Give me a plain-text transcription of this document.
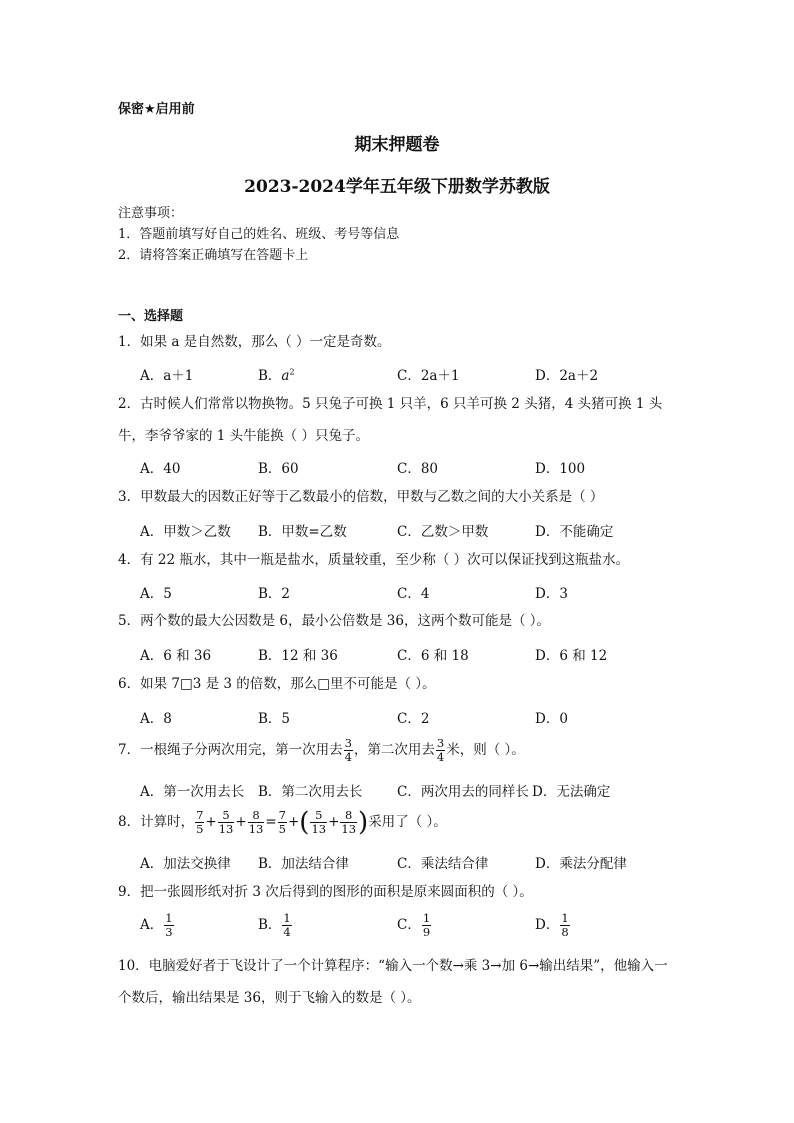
保密★启用前
期末押题卷
2023-2024学年五年级下册数学苏教版
注意事项：
1．答题前填写好自己的姓名、班级、考号等信息
2．请将答案正确填写在答题卡上
一、选择题
1．如果 a 是自然数，那么（ ）一定是奇数。
A．a＋1	B．$a^2$	C．2a＋1	D．2a＋2
2．古时候人们常常以物换物。5 只兔子可换 1 只羊，6 只羊可换 2 头猪，4 头猪可换 1 头牛，李爷爷家的 1 头牛能换（ ）只兔子。
A．40	B．60	C．80	D．100
3．甲数最大的因数正好等于乙数最小的倍数，甲数与乙数之间的大小关系是（ ）
A．甲数＞乙数 B．甲数=乙数	C．乙数＞甲数	D．不能确定
4．有 22 瓶水，其中一瓶是盐水，质量较重，至少称（ ）次可以保证找到这瓶盐水。
A．5	B．2	C．4	D．3
5．两个数的最大公因数是 6，最小公倍数是 36，这两个数可能是（ ）。
A．6 和 36	B．12 和 36	C．6 和 18	D．6 和 12
6．如果 7□3 是 3 的倍数，那么□里不可能是（ ）。
A．8	B．5	C．2	D．0
7．一根绳子分两次用完，第一次用去 $\frac{3}{4}$ ，第二次用去 $\frac{3}{4}$ 米，则（ ）。
A．第一次用去长 B．第二次用去长	C．两次用去的同样长 D．无法确定
8．计算时， $\frac{7}{5} + \frac{5}{13} + \frac{8}{13} = \frac{7}{5}$ +( $\frac{5}{13} + \frac{8}{13}$ )采用了（ ）。
A．加法交换律 B．加法结合律	C．乘法结合律	D．乘法分配律
9．把一张圆形纸对折 3 次后得到的图形的面积是原来圆面积的（ ）。
A． $\frac{1}{3}$	B． $\frac{1}{4}$	C． $\frac{1}{9}$	D． $\frac{1}{8}$
10．电脑爱好者于飞设计了一个计算程序：“输入一个数→乘 3→加 6→输出结果”，他输入一个数后，输出结果是 36，则于飞输入的数是（ ）。
